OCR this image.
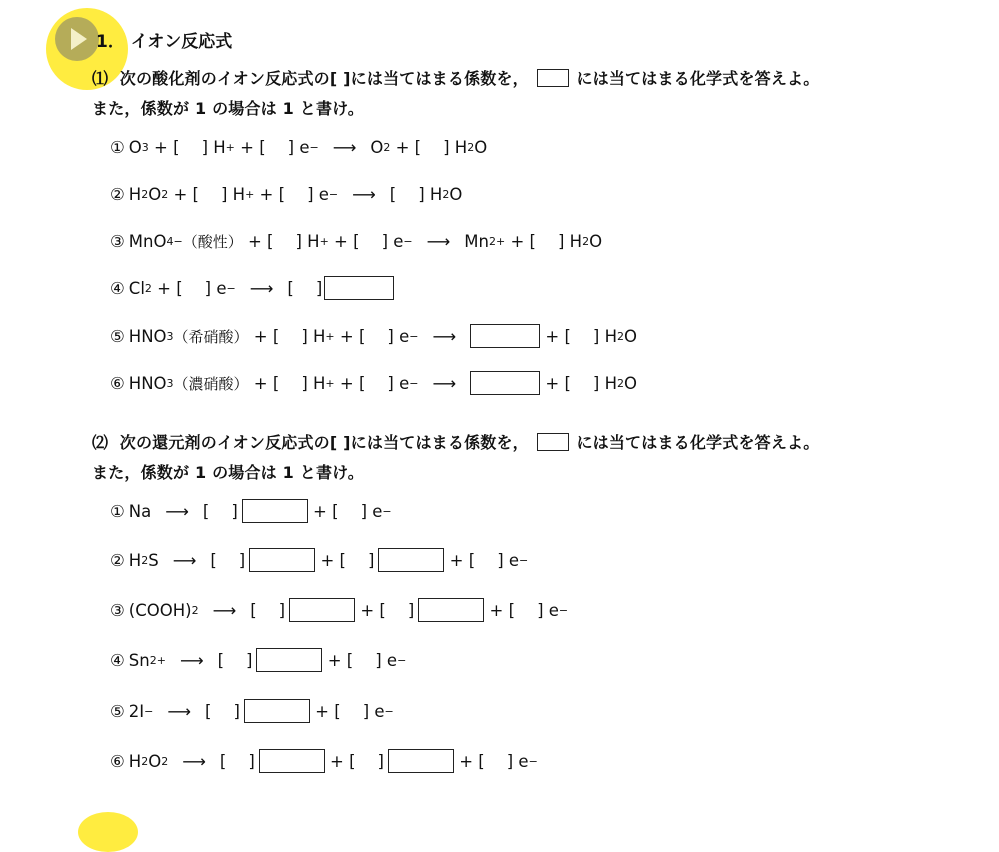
1． イオン反応式
⑴ 次の酸化剤のイオン反応式の[ ]には当てはまる係数を，	には当てはまる化学式を答えよ。
また，係数が 1 の場合は 1 と書け。
① O 3 + [ ] H + + [ ] e − ⟶ O 2 + [ ] H 2 O
② H 2 O 2 + [ ] H + + [ ] e − ⟶ [ ] H 2 O
③ MnO 4 − （酸性） + [ ] H + + [ ] e − ⟶ Mn 2+ + [ ] H 2 O
④ Cl 2 + [ ] e − ⟶ [ ]
⑤ HNO 3 （希硝酸） + [ ] H + + [ ] e − ⟶	+ [ ] H 2 O
⑥ HNO 3 （濃硝酸） + [ ] H + + [ ] e − ⟶	+ [ ] H 2 O
⑵ 次の還元剤のイオン反応式の[ ]には当てはまる係数を，	には当てはまる化学式を答えよ。
また，係数が 1 の場合は 1 と書け。
① Na ⟶ [ ]	+ [ ] e −
② H 2 S ⟶ [ ]	+ [ ]	+ [ ] e −
③ (COOH) 2 ⟶ [ ]	+ [ ]	+ [ ] e −
④ Sn 2+ ⟶ [ ]	+ [ ] e −
⑤ 2I − ⟶ [ ]	+ [ ] e −
⑥ H 2 O 2 ⟶ [ ]	+ [ ]	+ [ ] e −
